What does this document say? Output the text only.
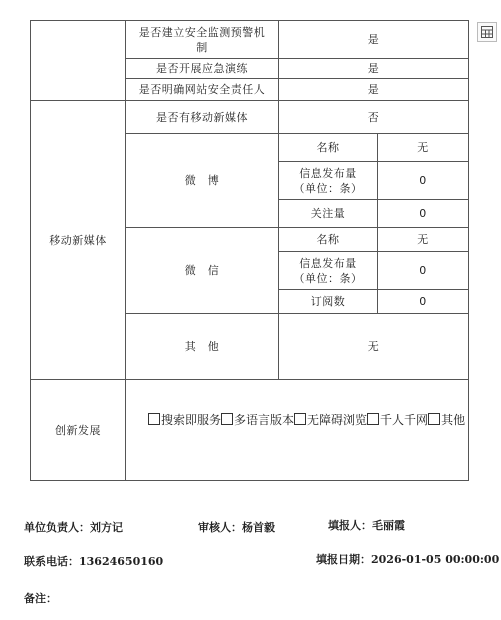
	是否建立安全监测预警机制	是	
	是否开展应急演练	是	
	是否明确网站安全责任人	是	
移动新媒体	是否有移动新媒体	否	
	微　博	名称	无
		信息发布量（单位：条）	0
		关注量	0
	微　信	名称	无
		信息发布量（单位：条）	0
		订阅数	0
	其　他	无	
创新发展	搜索即服务 多语言版本 无障碍浏览 千人千网 其他		
单位负责人：刘方记	审核人：杨首毅	填报人：毛丽霞
联系电话：13624650160	填报日期：2026-01-05 00:00:00
备注：
